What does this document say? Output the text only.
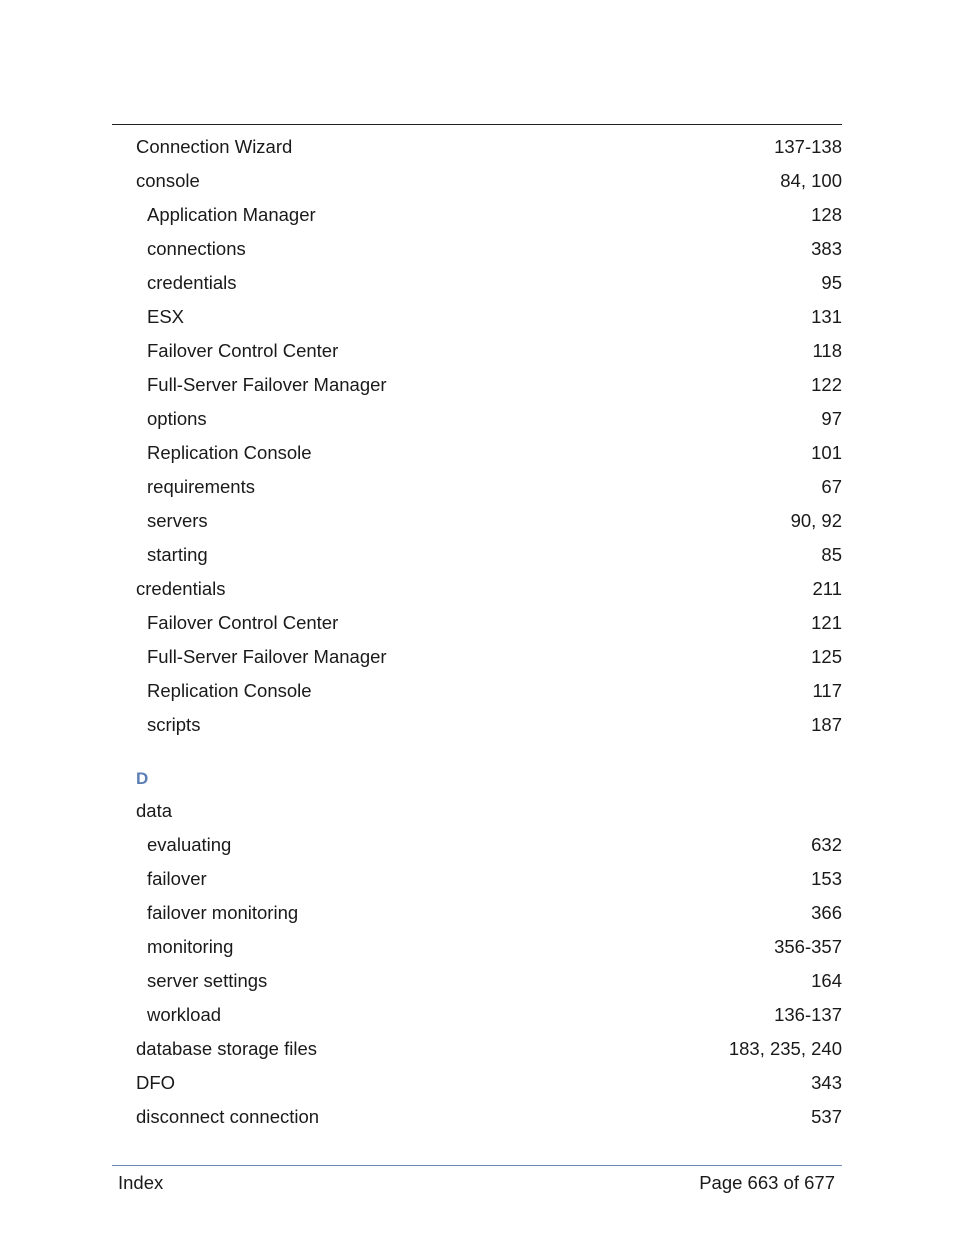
Connection Wizard	137-138
console	84, 100
Application Manager	128
connections	383
credentials	95
ESX	131
Failover Control Center	118
Full-Server Failover Manager	122
options	97
Replication Console	101
requirements	67
servers	90, 92
starting	85
credentials	211
Failover Control Center	121
Full-Server Failover Manager	125
Replication Console	117
scripts	187
D
data
evaluating	632
failover	153
failover monitoring	366
monitoring	356-357
server settings	164
workload	136-137
database storage files	183, 235, 240
DFO	343
disconnect connection	537
Index	Page 663 of 677
